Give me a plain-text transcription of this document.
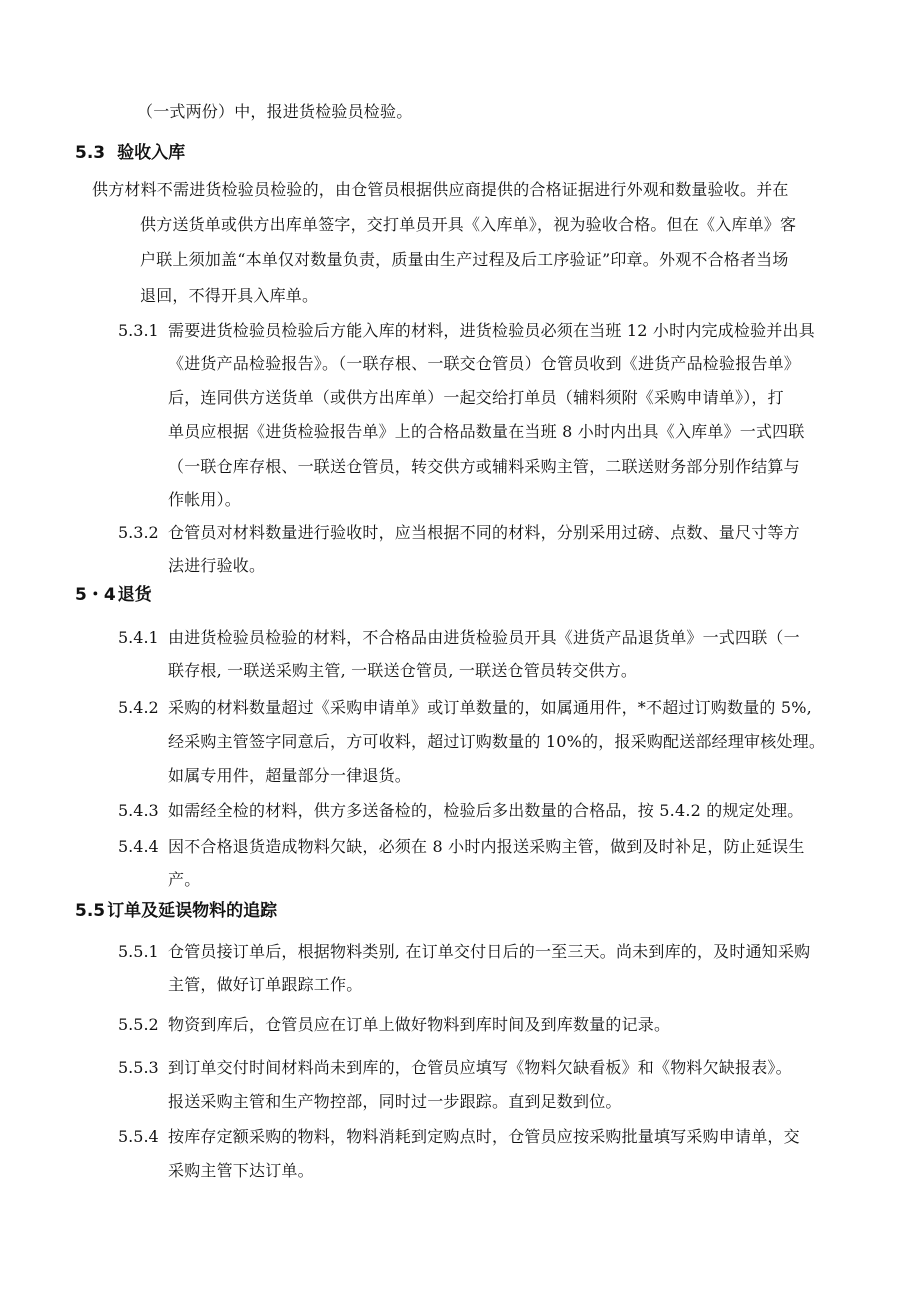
（一式两份）中，报进货检验员检验。
5.3 验收入库
供方材料不需进货检验员检验的，由仓管员根据供应商提供的合格证据进行外观和数量验收。并在
供方送货单或供方出库单签字，交打单员开具《入库单》，视为验收合格。但在《入库单》客
户联上须加盖“本单仅对数量负责，质量由生产过程及后工序验证”印章。外观不合格者当场
退回，不得开具入库单。
5.3.1 需要进货检验员检验后方能入库的材料，进货检验员必须在当班 12 小时内完成检验并出具
《进货产品检验报告》。（一联存根、一联交仓管员）仓管员收到《进货产品检验报告单》
后，连同供方送货单（或供方出库单）一起交给打单员（辅料须附《采购申请单》），打
单员应根据《进货检验报告单》上的合格品数量在当班 8 小时内出具《入库单》一式四联
（一联仓库存根、一联送仓管员，转交供方或辅料采购主管，二联送财务部分别作结算与
作帐用）。
5.3.2 仓管员对材料数量进行验收时，应当根据不同的材料，分别采用过磅、点数、量尺寸等方
法进行验收。
5・4 退货
5.4.1 由进货检验员检验的材料，不合格品由进货检验员开具《进货产品退货单》一式四联（一
联存根, 一联送采购主管, 一联送仓管员, 一联送仓管员转交供方。
5.4.2 采购的材料数量超过《采购申请单》或订单数量的，如属通用件，*不超过订购数量的 5%,
经采购主管签字同意后，方可收料，超过订购数量的 10%的，报采购配送部经理审核处理。
如属专用件，超量部分一律退货。
5.4.3 如需经全检的材料，供方多送备检的，检验后多出数量的合格品，按 5.4.2 的规定处理。
5.4.4 因不合格退货造成物料欠缺，必须在 8 小时内报送采购主管，做到及时补足，防止延误生
产。
5.5 订单及延误物料的追踪
5.5.1 仓管员接订单后，根据物料类别, 在订单交付日后的一至三天。尚未到库的，及时通知采购
主管，做好订单跟踪工作。
5.5.2 物资到库后，仓管员应在订单上做好物料到库时间及到库数量的记录。
5.5.3 到订单交付时间材料尚未到库的，仓管员应填写《物料欠缺看板》和《物料欠缺报表》。
报送采购主管和生产物控部，同时过一步跟踪。直到足数到位。
5.5.4 按库存定额采购的物料，物料消耗到定购点时，仓管员应按采购批量填写采购申请单，交
采购主管下达订单。
